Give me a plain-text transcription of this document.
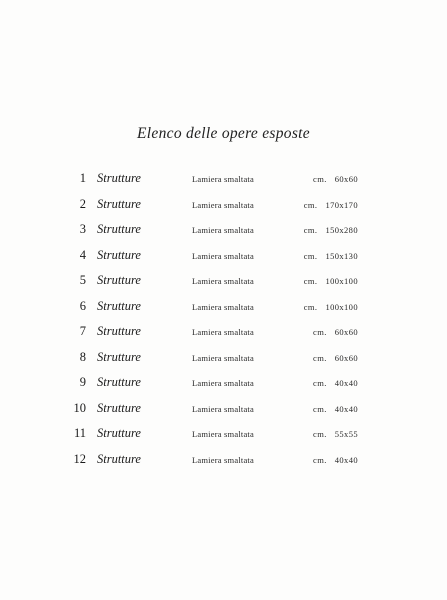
Elenco delle opere esposte
1 Strutture	Lamiera smaltata	cm. 60x60
2 Strutture	Lamiera smaltata	cm. 170x170
3 Strutture	Lamiera smaltata	cm. 150x280
4 Strutture	Lamiera smaltata	cm. 150x130
5 Strutture	Lamiera smaltata	cm. 100x100
6 Strutture	Lamiera smaltata	cm. 100x100
7 Strutture	Lamiera smaltata	cm. 60x60
8 Strutture	Lamiera smaltata	cm. 60x60
9 Strutture	Lamiera smaltata	cm. 40x40
10 Strutture	Lamiera smaltata	cm. 40x40
11 Strutture	Lamiera smaltata	cm. 55x55
12 Strutture	Lamiera smaltata	cm. 40x40
